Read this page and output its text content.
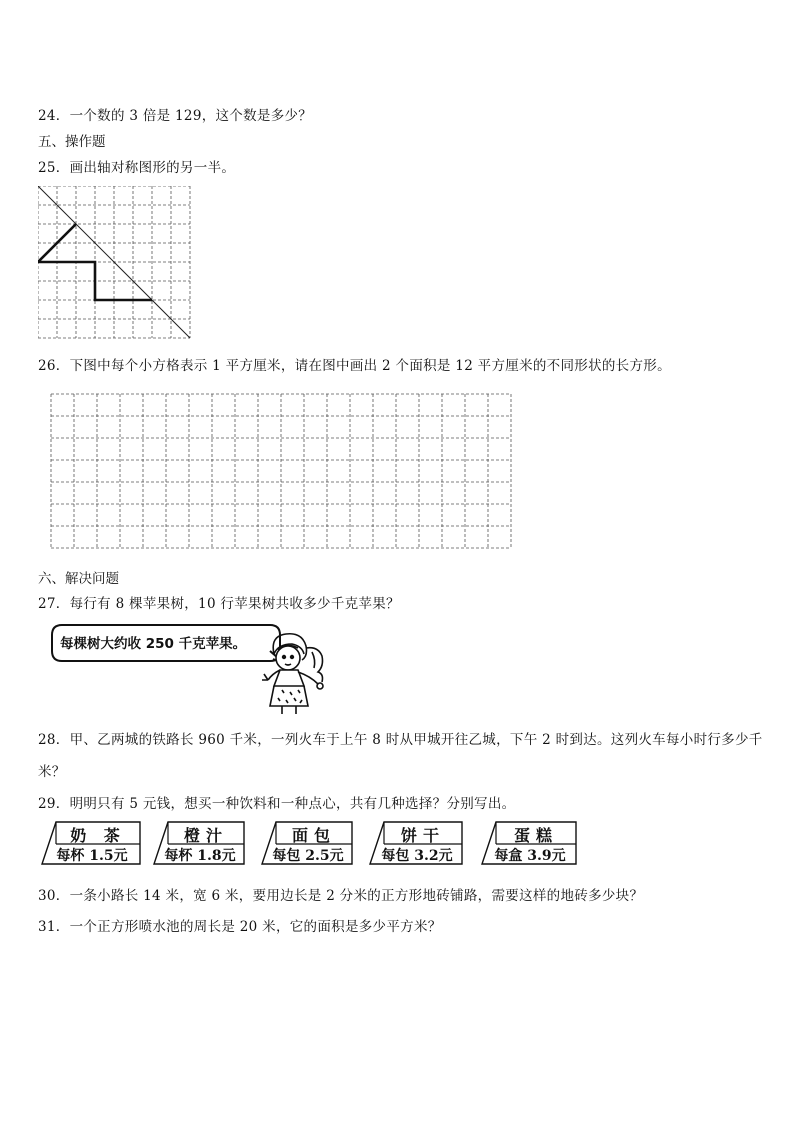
24．一个数的 3 倍是 129，这个数是多少？
五、操作题
25．画出轴对称图形的另一半。
26．下图中每个小方格表示 1 平方厘米，请在图中画出 2 个面积是 12 平方厘米的不同形状的长方形。
六、解决问题
27．每行有 8 棵苹果树，10 行苹果树共收多少千克苹果？
每棵树大约收 250 千克苹果。
28．甲、乙两城的铁路长 960 千米，一列火车于上午 8 时从甲城开往乙城，下午 2 时到达。这列火车每小时行多少千
米？
29．明明只有 5 元钱，想买一种饮料和一种点心，共有几种选择？分别写出。
奶 茶
每杯 1.5元
橙汁
每杯 1.8元
面包
每包 2.5元
饼干
每包 3.2元
蛋糕
每盒 3.9元
30．一条小路长 14 米，宽 6 米，要用边长是 2 分米的正方形地砖铺路，需要这样的地砖多少块？
31．一个正方形喷水池的周长是 20 米，它的面积是多少平方米？
